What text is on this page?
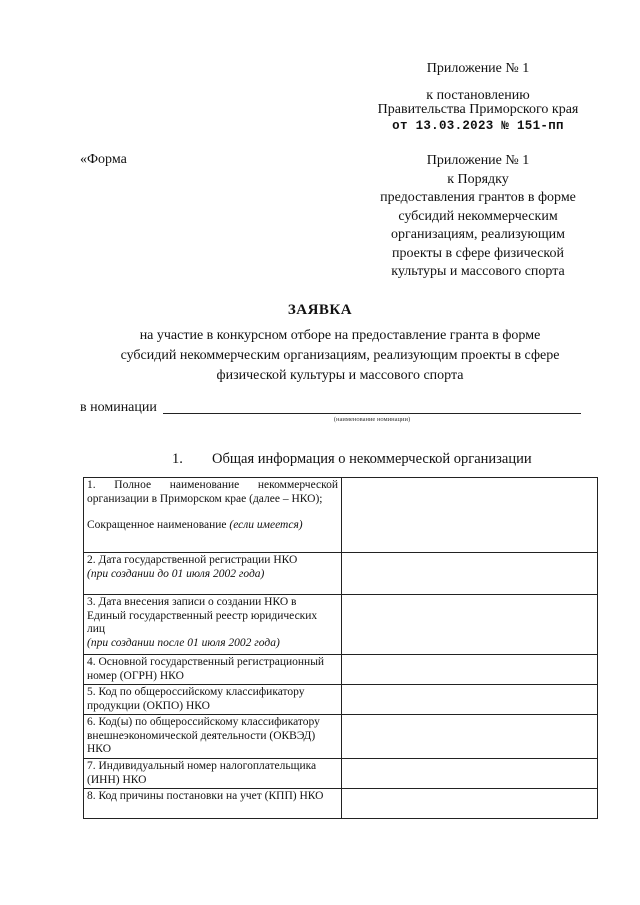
Приложение № 1
к постановлению
Правительства Приморского края
от 13.03.2023 № 151-пп
«Форма	Приложение № 1
к Порядку
предоставления грантов в форме
субсидий некоммерческим
организациям, реализующим
проекты в сфере физической
культуры и массового спорта
ЗАЯВКА
на участие в конкурсном отборе на предоставление гранта в форме
субсидий некоммерческим организациям, реализующим проекты в сфере
физической культуры и массового спорта
в номинации
(наименование номинации)
1. Общая информация о некоммерческой организации
1. Полное наименование некоммерческой организации в Приморском крае (далее – НКО);
Сокращенное наименование (если имеется)	

2. Дата государственной регистрации НКО
(при создании до 01 июля 2002 года)	

3. Дата внесения записи о создании НКО в Единый государственный реестр юридических лиц
(при создании после 01 июля 2002 года)	

4. Основной государственный регистрационный номер (ОГРН) НКО	
5. Код по общероссийскому классификатору продукции (ОКПО) НКО	
6. Код(ы) по общероссийскому классификатору внешнеэкономической деятельности (ОКВЭД) НКО	
7. Индивидуальный номер налогоплательщика (ИНН) НКО	
8. Код причины постановки на учет (КПП) НКО	
